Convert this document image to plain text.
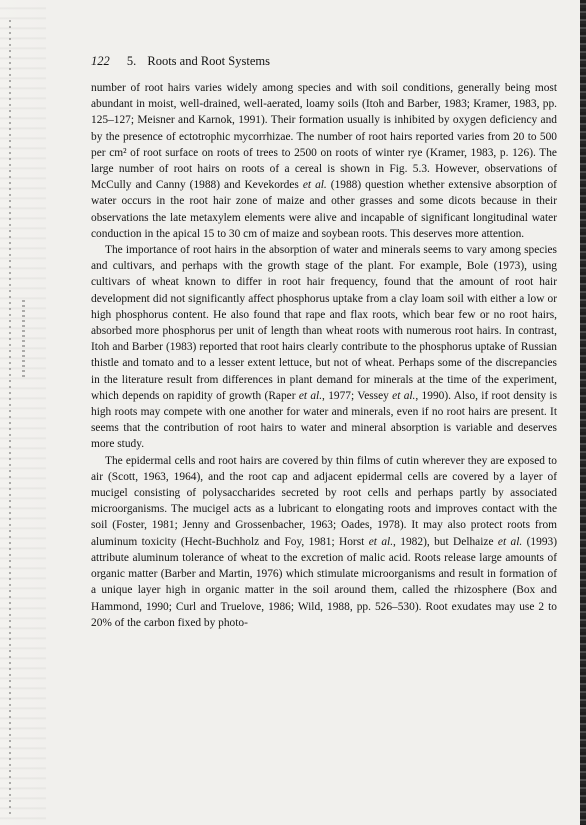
122 5. Roots and Root Systems

number of root hairs varies widely among species and with soil conditions, generally being most abundant in moist, well-drained, well-aerated, loamy soils (Itoh and Barber, 1983; Kramer, 1983, pp. 125–127; Meisner and Karnok, 1991). Their formation usually is inhibited by oxygen deficiency and by the presence of ectotrophic mycorrhizae. The number of root hairs reported varies from 20 to 500 per cm² of root surface on roots of trees to 2500 on roots of winter rye (Kramer, 1983, p. 126). The large number of root hairs on roots of a cereal is shown in Fig. 5.3. However, observations of McCully and Canny (1988) and Kevekordes et al. (1988) question whether extensive absorption of water occurs in the root hair zone of maize and other grasses and some dicots because in their observations the late metaxylem elements were alive and incapable of significant longitudinal water conduction in the apical 15 to 30 cm of maize and soybean roots. This deserves more attention.

The importance of root hairs in the absorption of water and minerals seems to vary among species and cultivars, and perhaps with the growth stage of the plant. For example, Bole (1973), using cultivars of wheat known to differ in root hair frequency, found that the amount of root hair development did not significantly affect phosphorus uptake from a clay loam soil with either a low or high phosphorus content. He also found that rape and flax roots, which bear few or no root hairs, absorbed more phosphorus per unit of length than wheat roots with numerous root hairs. In contrast, Itoh and Barber (1983) reported that root hairs clearly contribute to the phosphorus uptake of Russian thistle and tomato and to a lesser extent lettuce, but not of wheat. Perhaps some of the discrepancies in the literature result from differences in plant demand for minerals at the time of the experiment, which depends on rapidity of growth (Raper et al., 1977; Vessey et al., 1990). Also, if root density is high roots may compete with one another for water and minerals, even if no root hairs are present. It seems that the contribution of root hairs to water and mineral absorption is variable and deserves more study.

The epidermal cells and root hairs are covered by thin films of cutin wherever they are exposed to air (Scott, 1963, 1964), and the root cap and adjacent epidermal cells are covered by a layer of mucigel consisting of polysaccharides secreted by root cells and perhaps partly by associated microorganisms. The mucigel acts as a lubricant to elongating roots and improves contact with the soil (Foster, 1981; Jenny and Grossenbacher, 1963; Oades, 1978). It may also protect roots from aluminum toxicity (Hecht-Buchholz and Foy, 1981; Horst et al., 1982), but Delhaize et al. (1993) attribute aluminum tolerance of wheat to the excretion of malic acid. Roots release large amounts of organic matter (Barber and Martin, 1976) which stimulate microorganisms and result in formation of a unique layer high in organic matter in the soil around them, called the rhizosphere (Box and Hammond, 1990; Curl and Truelove, 1986; Wild, 1988, pp. 526–530). Root exudates may use 2 to 20% of the carbon fixed by photo-
